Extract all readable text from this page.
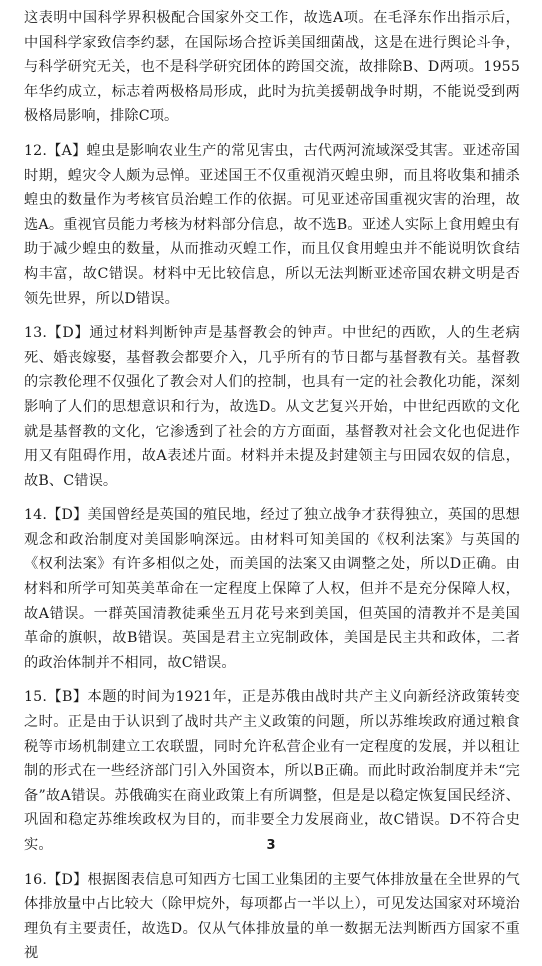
这表明中国科学界积极配合国家外交工作，故选A项。在毛泽东作出指示后，中国科学家致信李约瑟，在国际场合控诉美国细菌战，这是在进行舆论斗争，与科学研究无关，也不是科学研究团体的跨国交流，故排除B、D两项。1955年华约成立，标志着两极格局形成，此时为抗美援朝战争时期，不能说受到两极格局影响，排除C项。

12.【A】蝗虫是影响农业生产的常见害虫，古代两河流域深受其害。亚述帝国时期，蝗灾令人颇为忌惮。亚述国王不仅重视消灭蝗虫卵，而且将收集和捕杀蝗虫的数量作为考核官员治蝗工作的依据。可见亚述帝国重视灾害的治理，故选A。重视官员能力考核为材料部分信息，故不选B。亚述人实际上食用蝗虫有助于减少蝗虫的数量，从而推动灭蝗工作，而且仅食用蝗虫并不能说明饮食结构丰富，故C错误。材料中无比较信息，所以无法判断亚述帝国农耕文明是否领先世界，所以D错误。

13.【D】通过材料判断钟声是基督教会的钟声。中世纪的西欧，人的生老病死、婚丧嫁娶，基督教会都要介入，几乎所有的节日都与基督教有关。基督教的宗教伦理不仅强化了教会对人们的控制，也具有一定的社会教化功能，深刻影响了人们的思想意识和行为，故选D。从文艺复兴开始，中世纪西欧的文化就是基督教的文化，它渗透到了社会的方方面面，基督教对社会文化也促进作用又有阻碍作用，故A表述片面。材料并未提及封建领主与田园农奴的信息，故B、C错误。

14.【D】美国曾经是英国的殖民地，经过了独立战争才获得独立，英国的思想观念和政治制度对美国影响深远。由材料可知美国的《权利法案》与英国的《权利法案》有许多相似之处，而美国的法案又由调整之处，所以D正确。由材料和所学可知英美革命在一定程度上保障了人权，但并不是充分保障人权，故A错误。一群英国清教徒乘坐五月花号来到美国，但英国的清教并不是美国革命的旗帜，故B错误。英国是君主立宪制政体，美国是民主共和政体，二者的政治体制并不相同，故C错误。

15.【B】本题的时间为1921年，正是苏俄由战时共产主义向新经济政策转变之时。正是由于认识到了战时共产主义政策的问题，所以苏维埃政府通过粮食税等市场机制建立工农联盟，同时允许私营企业有一定程度的发展，并以租让制的形式在一些经济部门引入外国资本，所以B正确。而此时政治制度并未“完备”故A错误。苏俄确实在商业政策上有所调整，但是是以稳定恢复国民经济、巩固和稳定苏维埃政权为目的，而非要全力发展商业，故C错误。D不符合史实。

16.【D】根据图表信息可知西方七国工业集团的主要气体排放量在全世界的气体排放量中占比较大（除甲烷外，每项都占一半以上），可见发达国家对环境治理负有主要责任，故选D。仅从气体排放量的单一数据无法判断西方国家不重视

3
